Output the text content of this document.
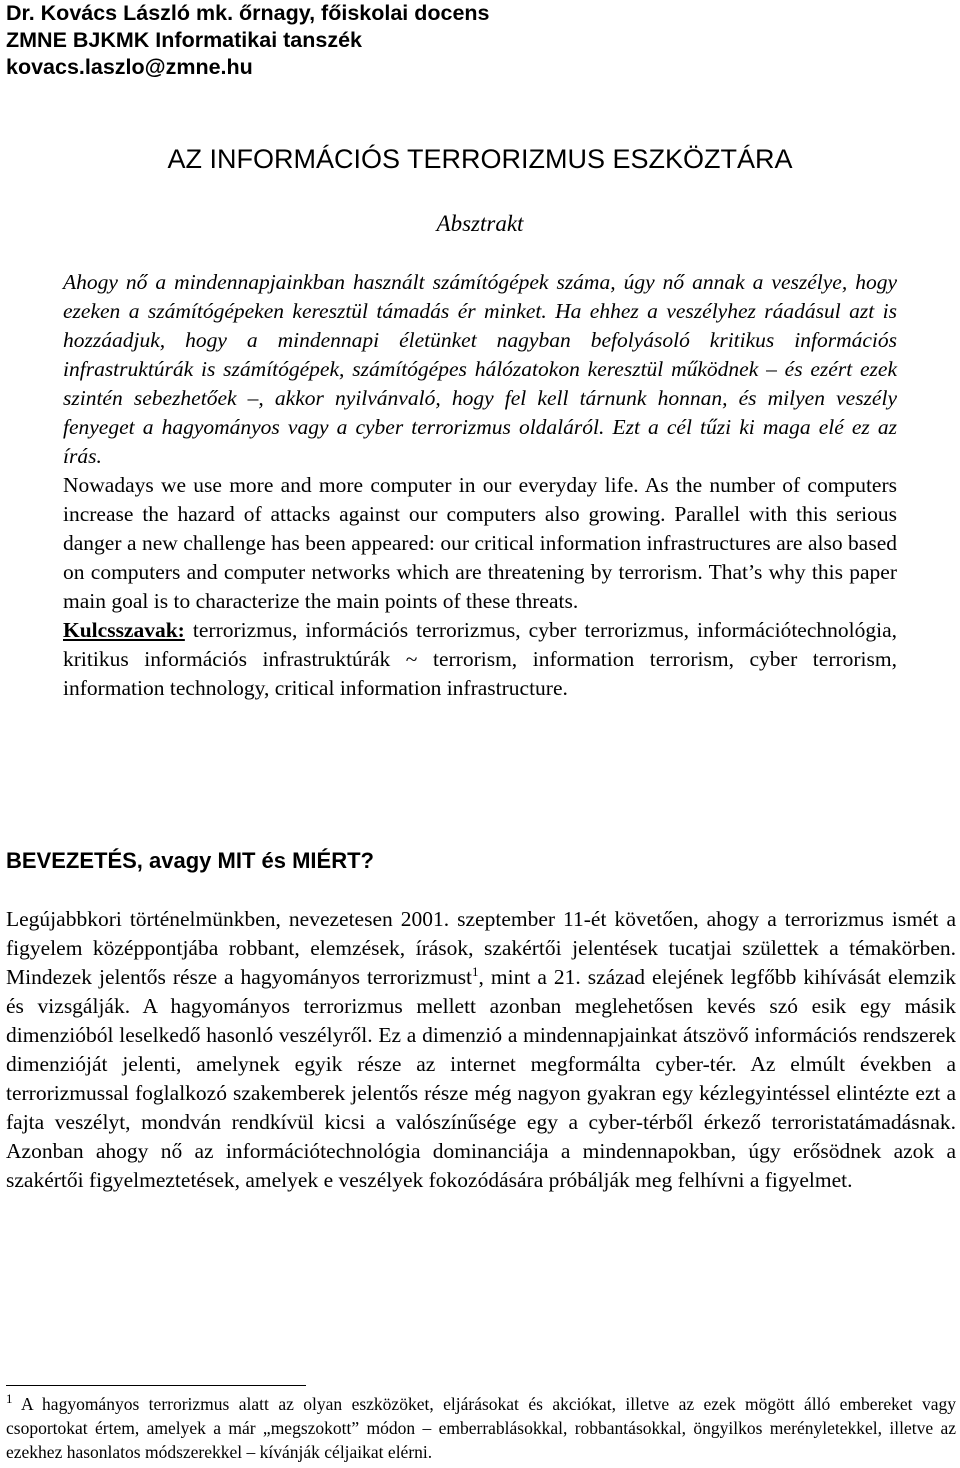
Dr. Kovács László mk. őrnagy, főiskolai docens
ZMNE BJKMK Informatikai tanszék
kovacs.laszlo@zmne.hu
AZ INFORMÁCIÓS TERRORIZMUS ESZKÖZTÁRA
Absztrakt

Ahogy nő a mindennapjainkban használt számítógépek száma, úgy nő annak a veszélye, hogy ezeken a számítógépeken keresztül támadás ér minket. Ha ehhez a veszélyhez ráadásul azt is hozzáadjuk, hogy a mindennapi életünket nagyban befolyásoló kritikus információs infrastruktúrák is számítógépek, számítógépes hálózatokon keresztül működnek – és ezért ezek szintén sebezhetőek –, akkor nyilvánvaló, hogy fel kell tárnunk honnan, és milyen veszély fenyeget a hagyományos vagy a cyber terrorizmus oldaláról. Ezt a cél tűzi ki maga elé ez az írás.

Nowadays we use more and more computer in our everyday life. As the number of computers increase the hazard of attacks against our computers also growing. Parallel with this serious danger a new challenge has been appeared: our critical information infrastructures are also based on computers and computer networks which are threatening by terrorism. That’s why this paper main goal is to characterize the main points of these threats.

Kulcsszavak: terrorizmus, információs terrorizmus, cyber terrorizmus, információtechnológia, kritikus információs infrastruktúrák ~ terrorism, information terrorism, cyber terrorism, information technology, critical information infrastructure.

BEVEZETÉS, avagy MIT és MIÉRT?

Legújabbkori történelmünkben, nevezetesen 2001. szeptember 11-ét követően, ahogy a terrorizmus ismét a figyelem középpontjába robbant, elemzések, írások, szakértői jelentések tucatjai születtek a témakörben. Mindezek jelentős része a hagyományos terrorizmust$^1$, mint a 21. század elejének legfőbb kihívását elemzik és vizsgálják. A hagyományos terrorizmus mellett azonban meglehetősen kevés szó esik egy másik dimenzióból leselkedő hasonló veszélyről. Ez a dimenzió a mindennapjainkat átszövő információs rendszerek dimenzióját jelenti, amelynek egyik része az internet megformálta cyber-tér. Az elmúlt években a terrorizmussal foglalkozó szakemberek jelentős része még nagyon gyakran egy kézlegyintéssel elintézte ezt a fajta veszélyt, mondván rendkívül kicsi a valószínűsége egy a cyber-térből érkező terroristatámadásnak. Azonban ahogy nő az információtechnológia dominanciája a mindennapokban, úgy erősödnek azok a szakértői figyelmeztetések, amelyek e veszélyek fokozódására próbálják meg felhívni a figyelmet.

$^1$ A hagyományos terrorizmus alatt az olyan eszközöket, eljárásokat és akciókat, illetve az ezek mögött álló embereket vagy csoportokat értem, amelyek a már „megszokott” módon – emberrablásokkal, robbantásokkal, öngyilkos merényletekkel, illetve az ezekhez hasonlatos módszerekkel – kívánják céljaikat elérni.
